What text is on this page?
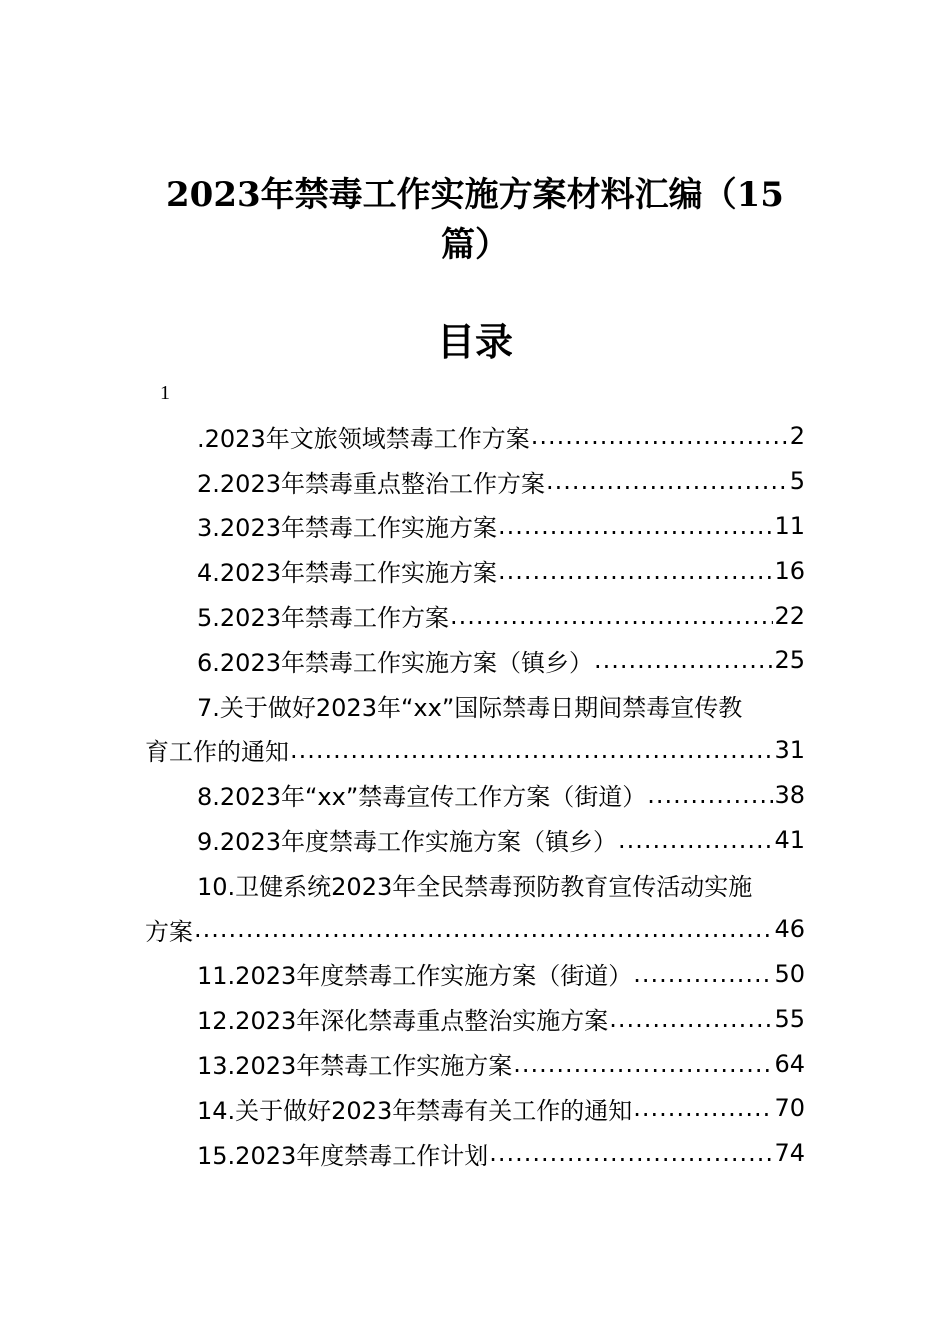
2023年禁毒工作实施方案材料汇编（15篇）
目录
1
.2023年文旅领域禁毒工作方案 .....	2
2.2023年禁毒重点整治工作方案 .....	5
3.2023年禁毒工作实施方案 .....	11
4.2023年禁毒工作实施方案 .....	16
5.2023年禁毒工作方案 .....	22
6.2023年禁毒工作实施方案（镇乡） .....	25
7.关于做好2023年“xx”国际禁毒日期间禁毒宣传教
育工作的通知 .....	31
8.2023年“xx”禁毒宣传工作方案（街道） .....	38
9.2023年度禁毒工作实施方案（镇乡） .....	41
10.卫健系统2023年全民禁毒预防教育宣传活动实施
方案 .....	46
11.2023年度禁毒工作实施方案（街道） .....	50
12.2023年深化禁毒重点整治实施方案 .....	55
13.2023年禁毒工作实施方案 .....	64
14.关于做好2023年禁毒有关工作的通知 .....	70
15.2023年度禁毒工作计划 .....	74
